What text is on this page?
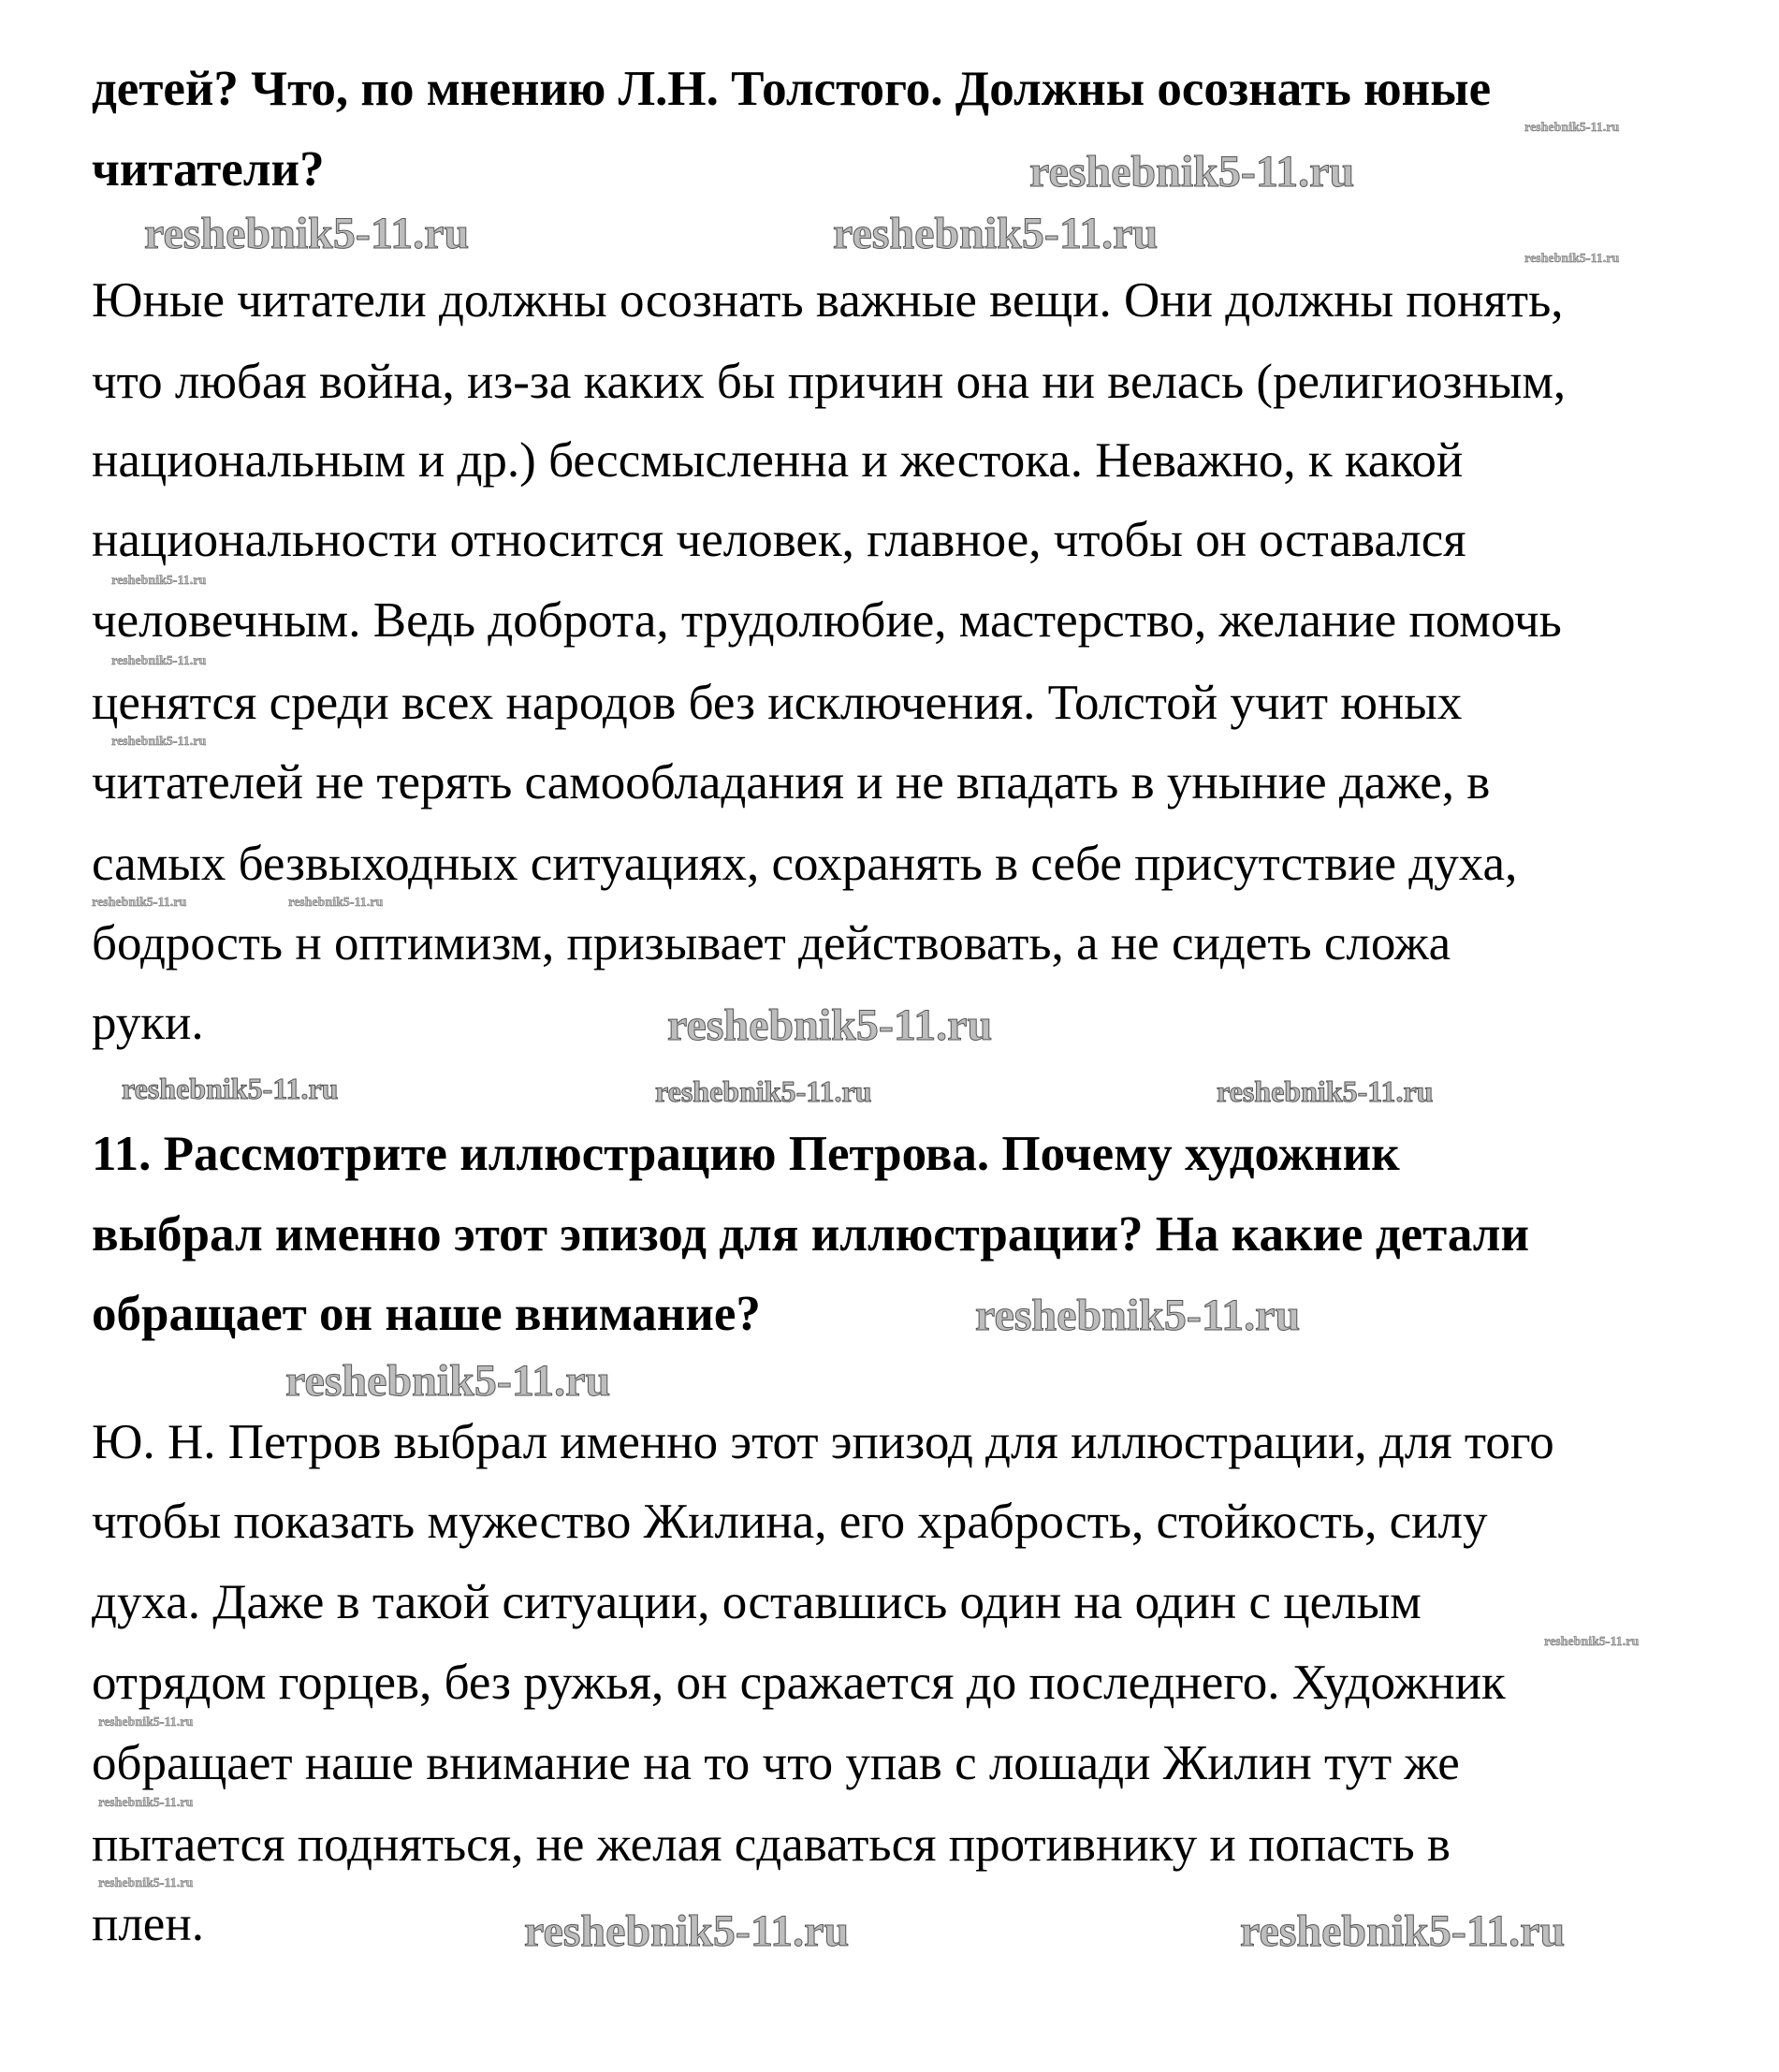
детей? Что, по мнению Л.Н. Толстого. Должны осознать юные
читатели?
Юные читатели должны осознать важные вещи. Они должны понять,
что любая война, из-за каких бы причин она ни велась (религиозным,
национальным и др.) бессмысленна и жестока. Неважно, к какой
национальности относится человек, главное, чтобы он оставался
человечным. Ведь доброта, трудолюбие, мастерство, желание помочь
ценятся среди всех народов без исключения. Толстой учит юных
читателей не терять самообладания и не впадать в уныние даже, в
самых безвыходных ситуациях, сохранять в себе присутствие духа,
бодрость н оптимизм, призывает действовать, а не сидеть сложа
руки.
11. Рассмотрите иллюстрацию Петрова. Почему художник
выбрал именно этот эпизод для иллюстрации? На какие детали
обращает он наше внимание?
Ю. Н. Петров выбрал именно этот эпизод для иллюстрации, для того
чтобы показать мужество Жилина, его храбрость, стойкость, силу
духа. Даже в такой ситуации, оставшись один на один с целым
отрядом горцев, без ружья, он сражается до последнего. Художник
обращает наше внимание на то что упав с лошади Жилин тут же
пытается подняться, не желая сдаваться противнику и попасть в
плен.
reshebnik5-11.ru	reshebnik5-11.ru
reshebnik5-11.ru
reshebnik5-11.ru
reshebnik5-11.ru
reshebnik5-11.ru
reshebnik5-11.ru	reshebnik5-11.ru
reshebnik5-11.ru	reshebnik5-11.ru
reshebnik5-11.ru
reshebnik5-11.ru
reshebnik5-11.ru
reshebnik5-11.ru
reshebnik5-11.ru
reshebnik5-11.ru
reshebnik5-11.ru	reshebnik5-11.ru
reshebnik5-11.ru
reshebnik5-11.ru
reshebnik5-11.ru
reshebnik5-11.ru
